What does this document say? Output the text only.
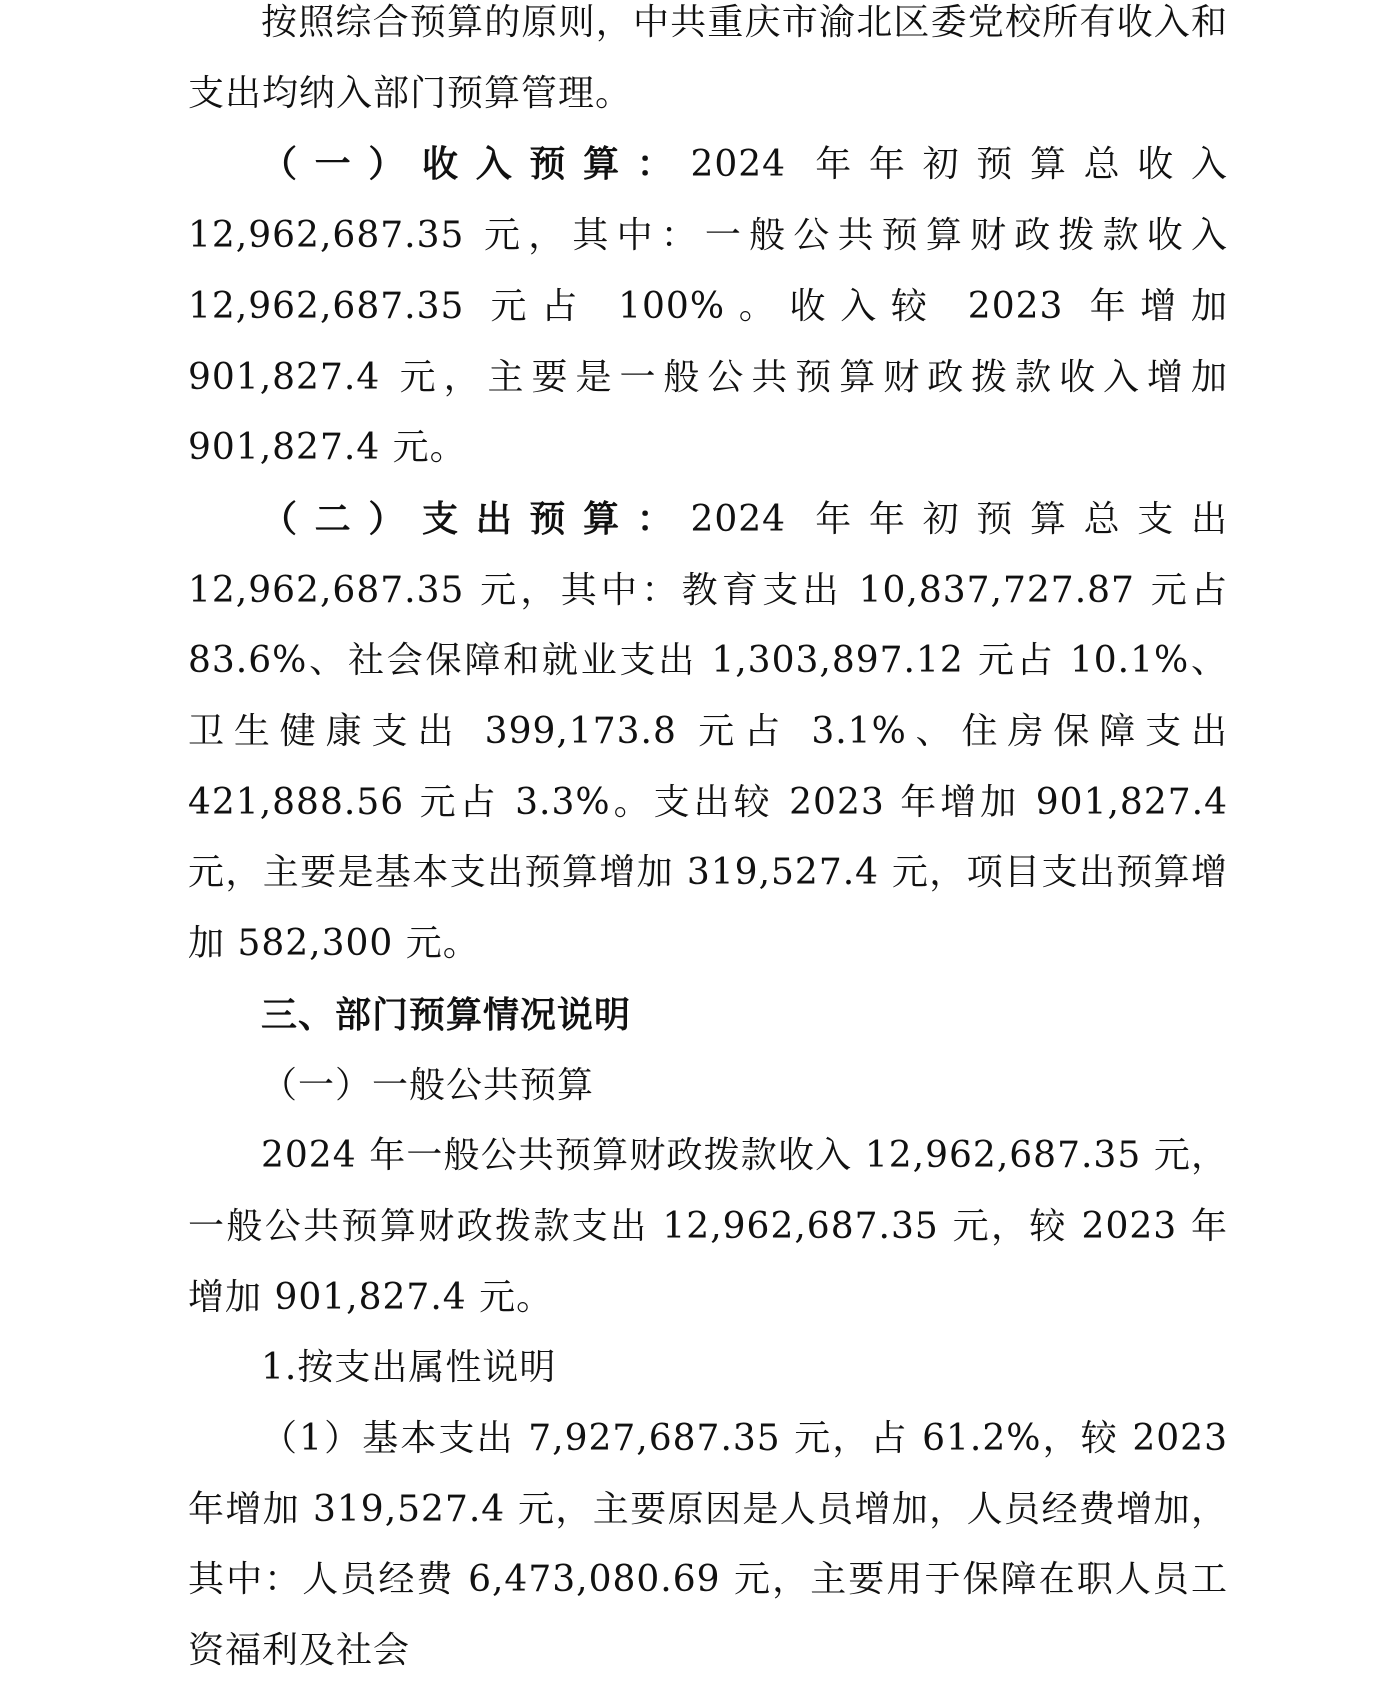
按照综合预算的原则，中共重庆市渝北区委党校所有收入和支出均纳入部门预算管理。

（一）收入预算：2024 年年初预算总收入 12,962,687.35 元，其中：一般公共预算财政拨款收入 12,962,687.35 元占 100%。收入较 2023 年增加 901,827.4 元，主要是一般公共预算财政拨款收入增加 901,827.4 元。

（二）支出预算：2024 年年初预算总支出 12,962,687.35 元，其中：教育支出 10,837,727.87 元占 83.6%、社会保障和就业支出 1,303,897.12 元占 10.1%、卫生健康支出 399,173.8 元占 3.1%、住房保障支出 421,888.56 元占 3.3%。支出较 2023 年增加 901,827.4 元，主要是基本支出预算增加 319,527.4 元，项目支出预算增加 582,300 元。

三、部门预算情况说明

（一）一般公共预算

2024 年一般公共预算财政拨款收入 12,962,687.35 元，一般公共预算财政拨款支出 12,962,687.35 元，较 2023 年增加 901,827.4 元。

1.按支出属性说明

（1）基本支出 7,927,687.35 元，占 61.2%，较 2023 年增加 319,527.4 元，主要原因是人员增加，人员经费增加，其中：人员经费 6,473,080.69 元，主要用于保障在职人员工资福利及社会
